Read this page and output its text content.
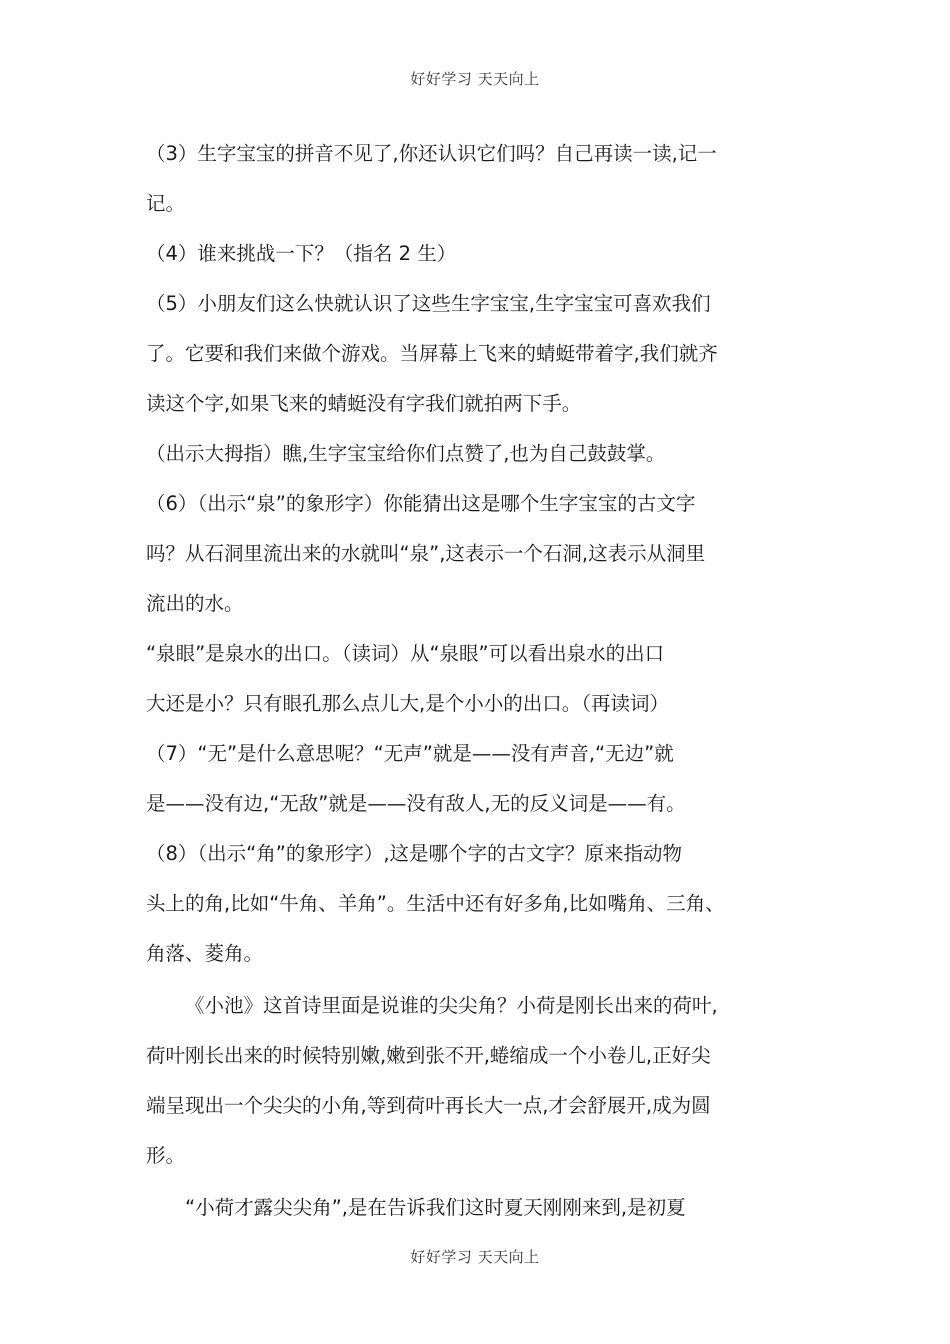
好好学习 天天向上
（3）生字宝宝的拼音不见了,你还认识它们吗？自己再读一读,记一
记。
（4）谁来挑战一下？（指名 2 生）
（5）小朋友们这么快就认识了这些生字宝宝,生字宝宝可喜欢我们
了。它要和我们来做个游戏。当屏幕上飞来的蜻蜓带着字,我们就齐
读这个字,如果飞来的蜻蜓没有字我们就拍两下手。
（出示大拇指）瞧,生字宝宝给你们点赞了,也为自己鼓鼓掌。
（6）（出示“泉”的象形字）你能猜出这是哪个生字宝宝的古文字
吗？从石洞里流出来的水就叫“泉”,这表示一个石洞,这表示从洞里
流出的水。
“泉眼”是泉水的出口。（读词）从“泉眼”可以看出泉水的出口
大还是小？只有眼孔那么点儿大,是个小小的出口。（再读词）
（7）“无”是什么意思呢？“无声”就是——没有声音,“无边”就
是——没有边,“无敌”就是——没有敌人,无的反义词是——有。
（8）（出示“角”的象形字）,这是哪个字的古文字？原来指动物
头上的角,比如“牛角、羊角”。生活中还有好多角,比如嘴角、三角、
角落、菱角。
《小池》这首诗里面是说谁的尖尖角？小荷是刚长出来的荷叶,
荷叶刚长出来的时候特别嫩,嫩到张不开,蜷缩成一个小卷儿,正好尖
端呈现出一个尖尖的小角,等到荷叶再长大一点,才会舒展开,成为圆
形。
“小荷才露尖尖角”,是在告诉我们这时夏天刚刚来到,是初夏
好好学习 天天向上
